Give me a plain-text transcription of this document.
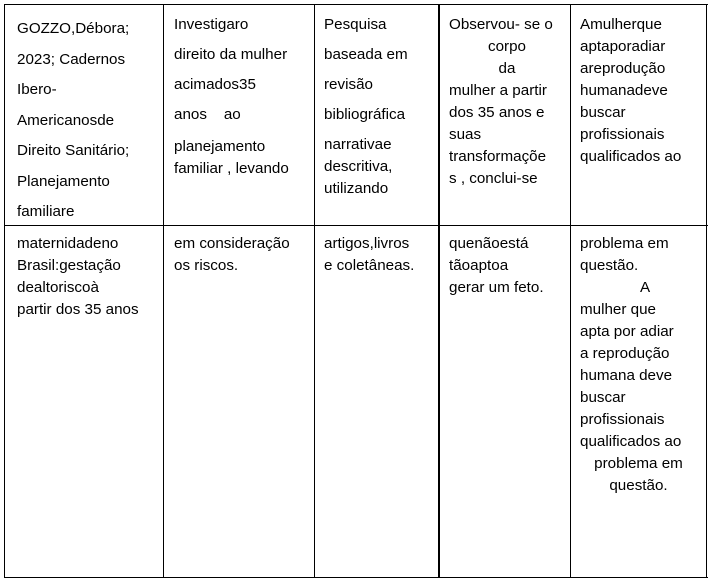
GOZZO,Débora;
2023; Cadernos
Ibero-
Americanosde
Direito Sanitário;
Planejamento
familiare
Investigaro
direito da mulher
acimados35
anos ao
planejamento
familiar , levando
Pesquisa
baseada em
revisão
bibliográfica
narrativae
descritiva,
utilizando
Observou- se o
corpo
da
mulher a partir
dos 35 anos e
suas
transformaçõe
s , conclui-se
Amulherque
aptaporadiar
areprodução
humanadeve
buscar
profissionais
qualificados ao
maternidadeno
Brasil:gestação
dealtoriscoà
partir dos 35 anos
em consideração
os riscos.
artigos,livros
e coletâneas.
quenãoestá
tãoaptoa
gerar um feto.
problema em
questão.
A
mulher que
apta por adiar
a reprodução
humana deve
buscar
profissionais
qualificados ao
problema em
questão.
